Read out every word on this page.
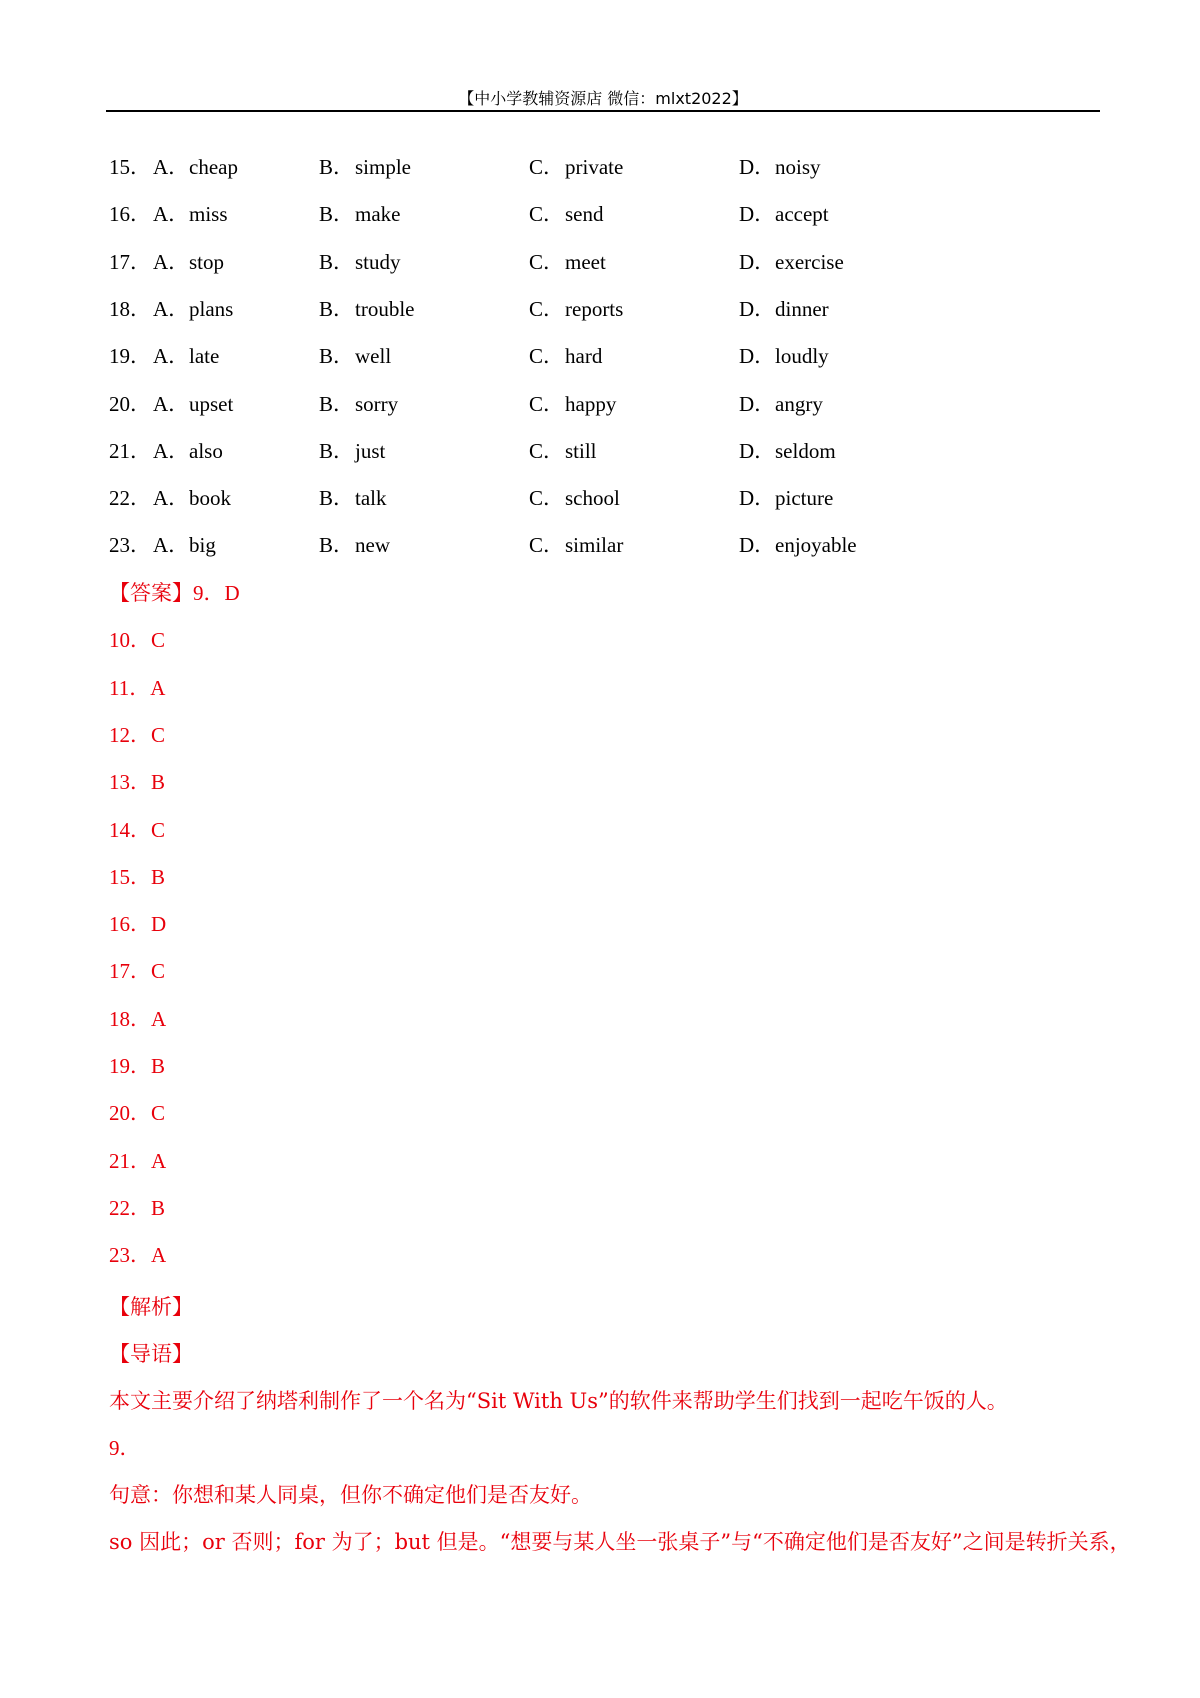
【中小学教辅资源店 微信：mlxt2022】
15． A．cheap	B．simple	C．private	D．noisy
16． A．miss	B．make	C．send	D．accept
17． A．stop	B．study	C．meet	D．exercise
18． A．plans	B．trouble	C．reports	D．dinner
19． A．late	B．well	C．hard	D．loudly
20． A．upset	B．sorry	C．happy	D．angry
21． A．also	B．just	C．still	D．seldom
22． A．book	B．talk	C．school	D．picture
23． A．big	B．new	C．similar	D．enjoyable
【答案】9．D
10．C
11．A
12．C
13．B
14．C
15．B
16．D
17．C
18．A
19．B
20．C
21．A
22．B
23．A
【解析】
【导语】
本文主要介绍了纳塔利制作了一个名为“Sit With Us”的软件来帮助学生们找到一起吃午饭的人。
9．
句意：你想和某人同桌，但你不确定他们是否友好。
so 因此；or 否则；for 为了；but 但是。“想要与某人坐一张桌子”与“不确定他们是否友好”之间是转折关系，
